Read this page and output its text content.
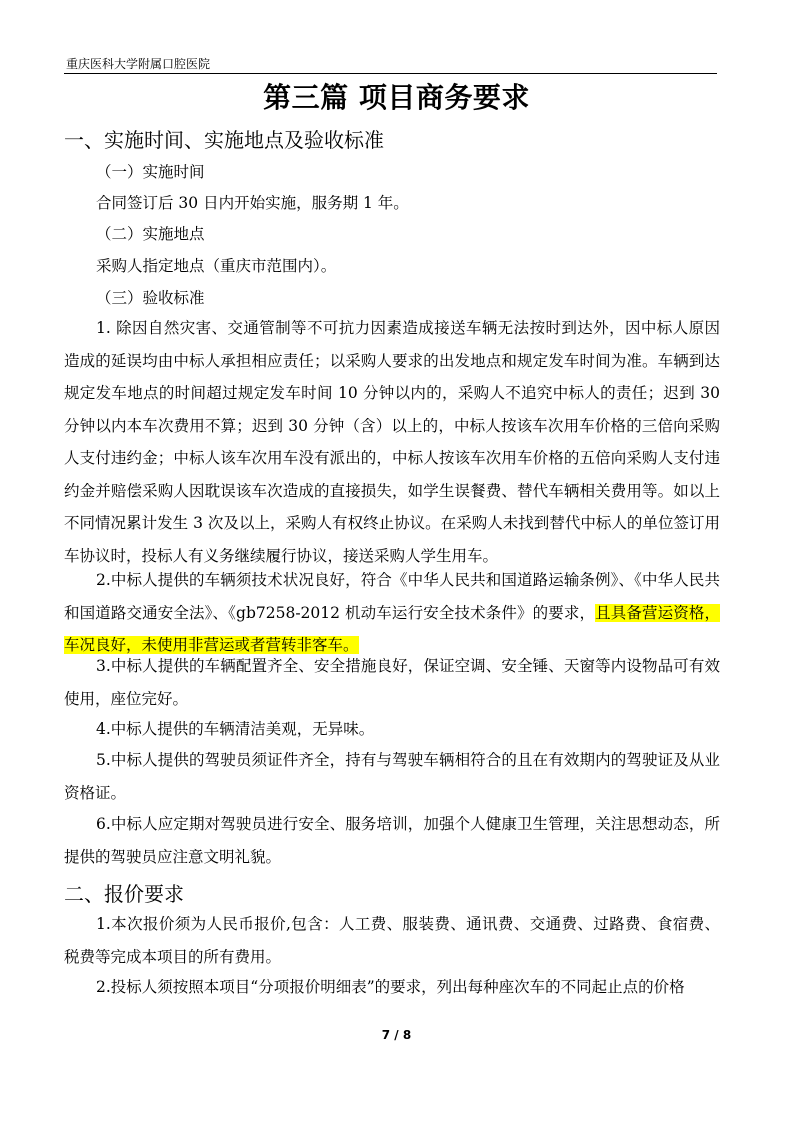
重庆医科大学附属口腔医院
第三篇 项目商务要求
一、实施时间、实施地点及验收标准
（一）实施时间
合同签订后 30 日内开始实施，服务期 1 年。
（二）实施地点
采购人指定地点（重庆市范围内）。
（三）验收标准
1. 除因自然灾害、交通管制等不可抗力因素造成接送车辆无法按时到达外，因中标人原因造成的延误均由中标人承担相应责任；以采购人要求的出发地点和规定发车时间为准。车辆到达规定发车地点的时间超过规定发车时间 10 分钟以内的，采购人不追究中标人的责任；迟到 30 分钟以内本车次费用不算；迟到 30 分钟（含）以上的，中标人按该车次用车价格的三倍向采购人支付违约金；中标人该车次用车没有派出的，中标人按该车次用车价格的五倍向采购人支付违约金并赔偿采购人因耽误该车次造成的直接损失，如学生误餐费、替代车辆相关费用等。如以上不同情况累计发生 3 次及以上，采购人有权终止协议。在采购人未找到替代中标人的单位签订用车协议时，投标人有义务继续履行协议，接送采购人学生用车。
2.中标人提供的车辆须技术状况良好，符合《中华人民共和国道路运输条例》、《中华人民共和国道路交通安全法》、《gb7258-2012 机动车运行安全技术条件》的要求，且具备营运资格，车况良好，未使用非营运或者营转非客车。
3.中标人提供的车辆配置齐全、安全措施良好，保证空调、安全锤、天窗等内设物品可有效使用，座位完好。
4.中标人提供的车辆清洁美观，无异味。
5.中标人提供的驾驶员须证件齐全，持有与驾驶车辆相符合的且在有效期内的驾驶证及从业资格证。
6.中标人应定期对驾驶员进行安全、服务培训，加强个人健康卫生管理，关注思想动态，所提供的驾驶员应注意文明礼貌。
二、报价要求
1.本次报价须为人民币报价,包含：人工费、服装费、通讯费、交通费、过路费、食宿费、税费等完成本项目的所有费用。
2.投标人须按照本项目“分项报价明细表”的要求，列出每种座次车的不同起止点的价格
7 / 8
